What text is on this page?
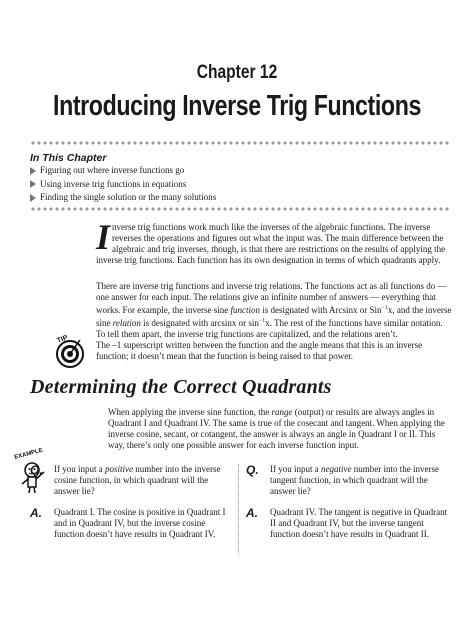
Chapter 12
Introducing Inverse Trig Functions
In This Chapter
Figuring out where inverse functions go
Using inverse trig functions in equations
Finding the single solution or the many solutions

Inverse trig functions work much like the inverses of the algebraic functions. The inverse reverses the operations and figures out what the input was. The main difference between the algebraic and trig inverses, though, is that there are restrictions on the results of applying the inverse trig functions. Each function has its own designation in terms of which quadrants apply.

There are inverse trig functions and inverse trig relations. The functions act as all functions do — one answer for each input. The relations give an infinite number of answers — everything that works. For example, the inverse sine function is designated with Arcsinx or Sin$^{-1}$x, and the inverse sine relation is designated with arcsinx or $\sin^{-1}x$. The rest of the functions have similar notation. To tell them apart, the inverse trig functions are capitalized, and the relations aren’t.

TIP

The –1 superscript written between the function and the angle means that this is an inverse function; it doesn’t mean that the function is being raised to that power.

Determining the Correct Quadrants

When applying the inverse sine function, the range (output) or results are always angles in Quadrant I and Quadrant IV. The same is true of the cosecant and tangent. When applying the inverse cosine, secant, or cotangent, the answer is always an angle in Quadrant I or II. This way, there’s only one possible answer for each inverse function input.

EXAMPLE
Q.	If you input a positive number into the inverse cosine function, in which quadrant will the answer lie?
A.	Quadrant I. The cosine is positive in Quadrant I and in Quadrant IV, but the inverse cosine function doesn’t have results in Quadrant IV.
Q.	If you input a negative number into the inverse tangent function, in which quadrant will the answer lie?
A.	Quadrant IV. The tangent is negative in Quadrant II and Quadrant IV, but the inverse tangent function doesn’t have results in Quadrant II.
